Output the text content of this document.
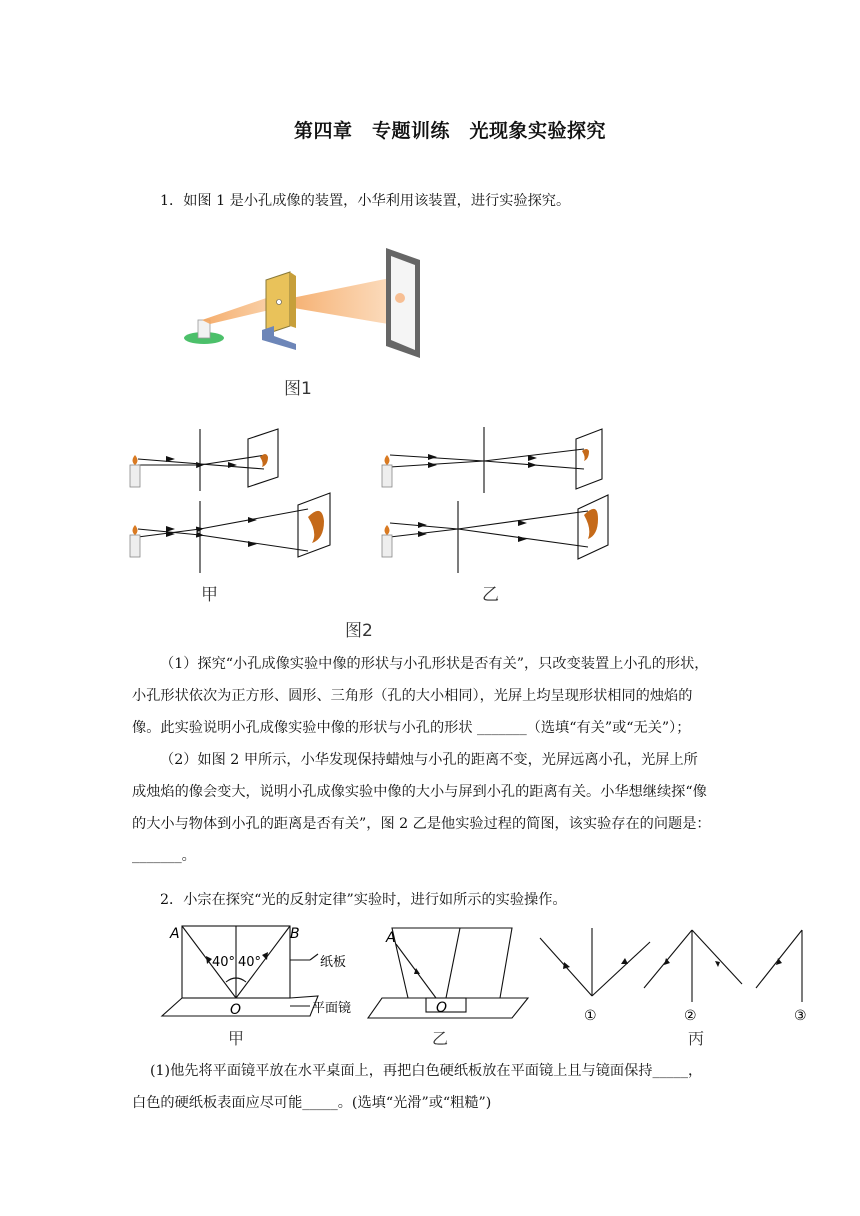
第四章　专题训练　光现象实验探究
1．如图 1 是小孔成像的装置，小华利用该装置，进行实验探究。
图1
甲	乙
图2
（1）探究“小孔成像实验中像的形状与小孔形状是否有关”，只改变装置上小孔的形状，
小孔形状依次为正方形、圆形、三角形（孔的大小相同），光屏上均呈现形状相同的烛焰的
像。此实验说明小孔成像实验中像的形状与小孔的形状 _______（选填“有关”或“无关”）；
（2）如图 2 甲所示，小华发现保持蜡烛与小孔的距离不变，光屏远离小孔，光屏上所
成烛焰的像会变大，说明小孔成像实验中像的大小与屏到小孔的距离有关。小华想继续探“像
的大小与物体到小孔的距离是否有关”，图 2 乙是他实验过程的简图，该实验存在的问题是：
_______。
2．小宗在探究“光的反射定律”实验时，进行如所示的实验操作。
A	B
O
40° 40°	纸板
平面镜
A
O	①	②	③
甲	乙	丙
(1)他先将平面镜平放在水平桌面上，再把白色硬纸板放在平面镜上且与镜面保持_____，
白色的硬纸板表面应尽可能_____。(选填“光滑”或“粗糙”)
